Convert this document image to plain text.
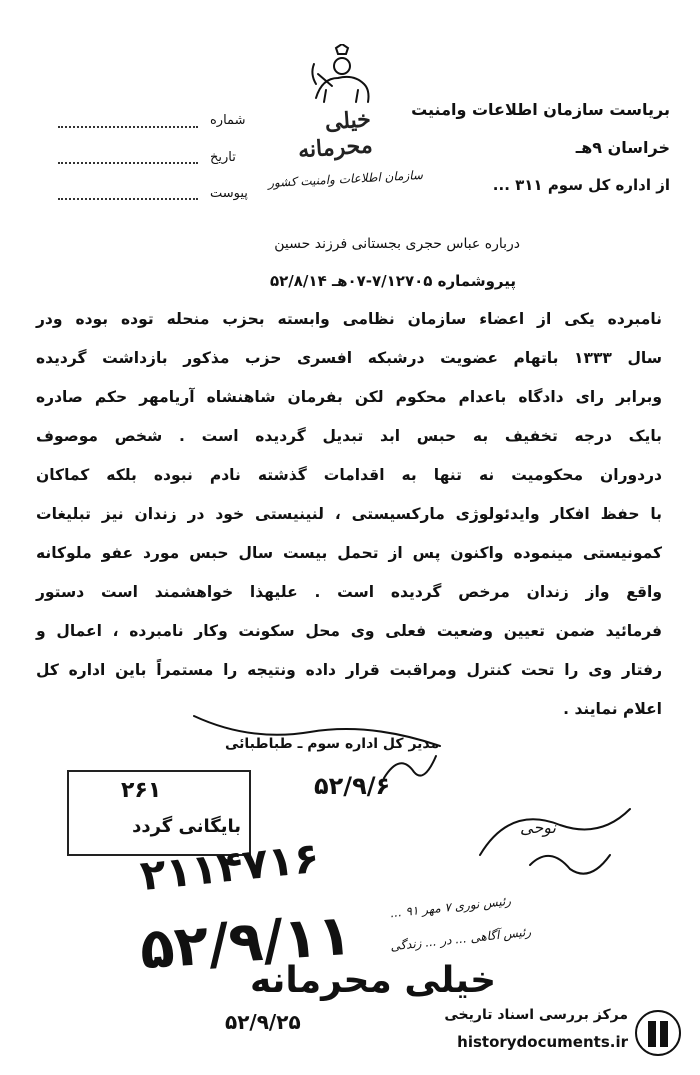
بریاست سازمان اطلاعات وامنیت
خراسان ۹هـ
از اداره کل سوم ۳۱۱ ...
خیلی محرمانه
سازمان اطلاعات وامنیت کشور
شماره
تاریخ
پیوست
درباره عباس حجری بجستانی فرزند حسین
پیروشماره ۷/۱۲۷۰۵-۰۷هـ ۵۲/۸/۱۴
نامبرده یکی از اعضاء سازمان نظامی وابسته بحزب منحله توده بوده ودر
سال ۱۳۳۳ باتهام عضویت درشبکه افسری حزب مذکور بازداشت گردیده
وبرابر رای دادگاه باعدام محکوم لکن بفرمان شاهنشاه آریامهر حکم صادره
بایک درجه تخفیف به حبس ابد تبدیل گردیده است . شخص موصوف
دردوران محکومیت نه تنها به اقدامات گذشته نادم نبوده بلکه کماکان
با حفظ افکار وایدئولوژی مارکسیستی ، لنینیستی خود در زندان نیز تبلیغات
کمونیستی مینموده واکنون پس از تحمل بیست سال حبس مورد عفو ملوکانه
واقع واز زندان مرخص گردیده است . علیهذا خواهشمند است دستور
فرمائید ضمن تعیین وضعیت فعلی وی محل سکونت وکار نامبرده ، اعمال و
رفتار وی را تحت کنترل ومراقبت قرار داده ونتیجه را مستمراً باین اداره کل
اعلام نمایند .
مدیر کل اداره سوم ـ طباطبائی
۵۲/۹/۶
۲۶۱
بایگانی گردد	نوحی
۲۱۱۴۷۱۶
۵۲/۹/۱۱	رئیس نوری ۷ مهر ۹۱ ...
رئیس آگاهی ... در ... زندگی
خیلی محرمانه
۵۲/۹/۲۵	مرکز بررسی اسناد تاریخی
historydocuments.ir
